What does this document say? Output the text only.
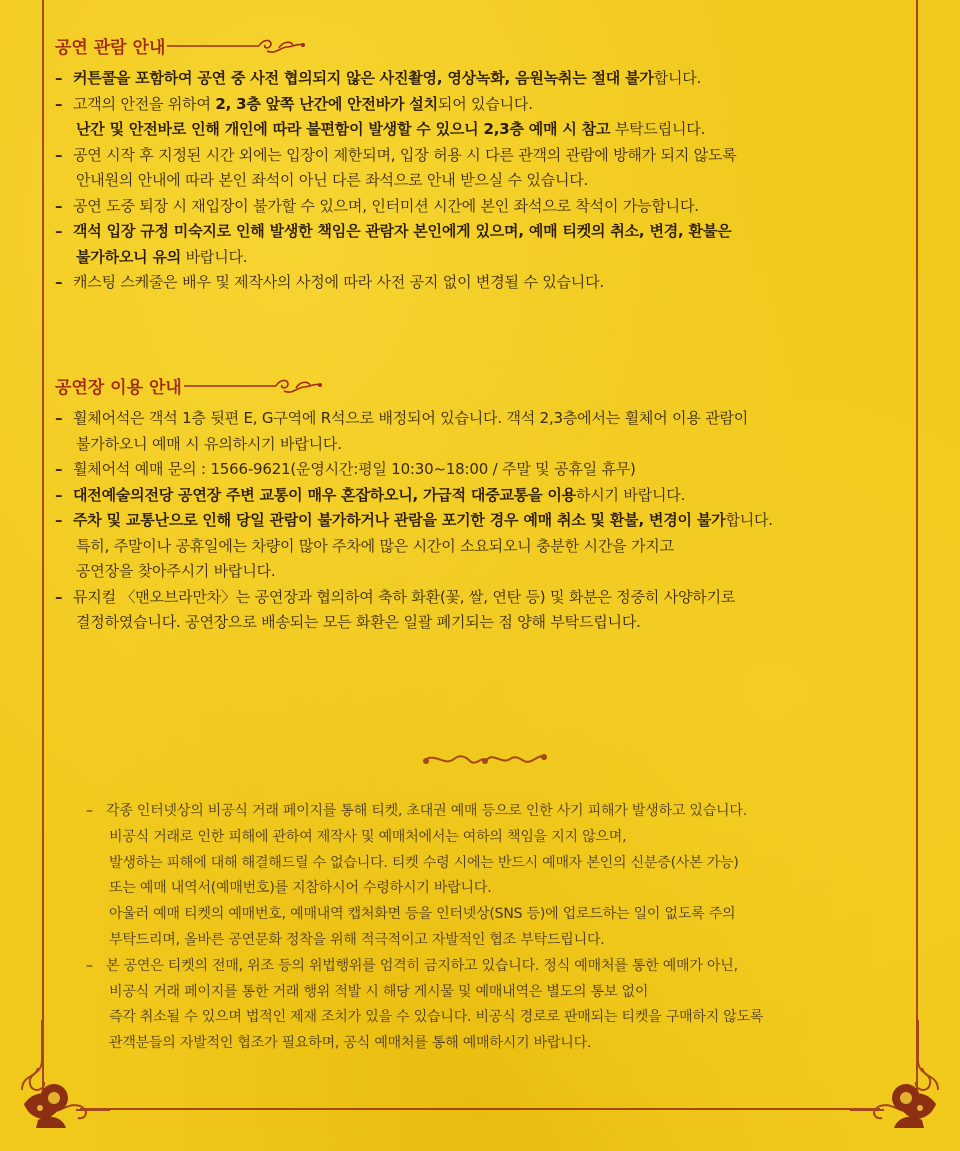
공연 관람 안내
– 커튼콜을 포함하여 공연 중 사전 협의되지 않은 사진촬영, 영상녹화, 음원녹취는 절대 불가합니다.
– 고객의 안전을 위하여 2, 3층 앞쪽 난간에 안전바가 설치되어 있습니다.
난간 및 안전바로 인해 개인에 따라 불편함이 발생할 수 있으니 2,3층 예매 시 참고 부탁드립니다.
– 공연 시작 후 지정된 시간 외에는 입장이 제한되며, 입장 허용 시 다른 관객의 관람에 방해가 되지 않도록
안내원의 안내에 따라 본인 좌석이 아닌 다른 좌석으로 안내 받으실 수 있습니다.
– 공연 도중 퇴장 시 재입장이 불가할 수 있으며, 인터미션 시간에 본인 좌석으로 착석이 가능합니다.
– 객석 입장 규정 미숙지로 인해 발생한 책임은 관람자 본인에게 있으며, 예매 티켓의 취소, 변경, 환불은
불가하오니 유의 바랍니다.
– 캐스팅 스케줄은 배우 및 제작사의 사정에 따라 사전 공지 없이 변경될 수 있습니다.
공연장 이용 안내
– 휠체어석은 객석 1층 뒷편 E, G구역에 R석으로 배정되어 있습니다. 객석 2,3층에서는 휠체어 이용 관람이
불가하오니 예매 시 유의하시기 바랍니다.
– 휠체어석 예매 문의 : 1566-9621(운영시간:평일 10:30~18:00 / 주말 및 공휴일 휴무)
– 대전예술의전당 공연장 주변 교통이 매우 혼잡하오니, 가급적 대중교통을 이용하시기 바랍니다.
– 주차 및 교통난으로 인해 당일 관람이 불가하거나 관람을 포기한 경우 예매 취소 및 환불, 변경이 불가합니다.
특히, 주말이나 공휴일에는 차량이 많아 주차에 많은 시간이 소요되오니 충분한 시간을 가지고
공연장을 찾아주시기 바랍니다.
– 뮤지컬 〈맨오브라만차〉는 공연장과 협의하여 축하 화환(꽃, 쌀, 연탄 등) 및 화분은 정중히 사양하기로
결정하였습니다. 공연장으로 배송되는 모든 화환은 일괄 폐기되는 점 양해 부탁드립니다.
– 각종 인터넷상의 비공식 거래 페이지를 통해 티켓, 초대권 예매 등으로 인한 사기 피해가 발생하고 있습니다.
비공식 거래로 인한 피해에 관하여 제작사 및 예매처에서는 여하의 책임을 지지 않으며,
발생하는 피해에 대해 해결해드릴 수 없습니다. 티켓 수령 시에는 반드시 예매자 본인의 신분증(사본 가능)
또는 예매 내역서(예매번호)를 지참하시어 수령하시기 바랍니다.
아울러 예매 티켓의 예매번호, 예매내역 캡처화면 등을 인터넷상(SNS 등)에 업로드하는 일이 없도록 주의
부탁드리며, 올바른 공연문화 정착을 위해 적극적이고 자발적인 협조 부탁드립니다.
– 본 공연은 티켓의 전매, 위조 등의 위법행위를 엄격히 금지하고 있습니다. 정식 예매처를 통한 예매가 아닌,
비공식 거래 페이지를 통한 거래 행위 적발 시 해당 게시물 및 예매내역은 별도의 통보 없이
즉각 취소될 수 있으며 법적인 제재 조치가 있을 수 있습니다. 비공식 경로로 판매되는 티켓을 구매하지 않도록
관객분들의 자발적인 협조가 필요하며, 공식 예매처를 통해 예매하시기 바랍니다.
